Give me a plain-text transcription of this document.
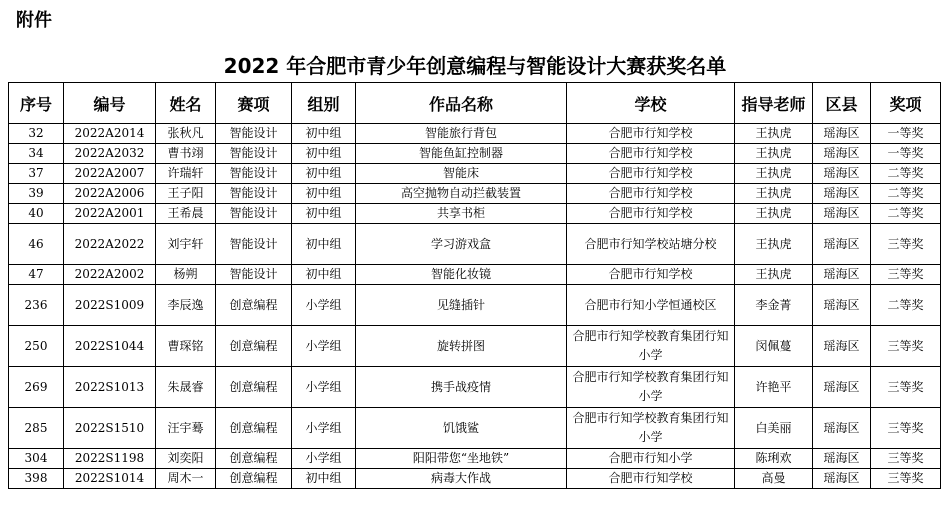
附件
2022 年合肥市青少年创意编程与智能设计大赛获奖名单
序号	编号	姓名	赛项	组别	作品名称	学校	指导老师	区县	奖项
32	2022A2014	张秋凡	智能设计	初中组	智能旅行背包	合肥市行知学校	王执虎	瑶海区	一等奖
34	2022A2032	曹书翊	智能设计	初中组	智能鱼缸控制器	合肥市行知学校	王执虎	瑶海区	一等奖
37	2022A2007	许瑞轩	智能设计	初中组	智能床	合肥市行知学校	王执虎	瑶海区	二等奖
39	2022A2006	王子阳	智能设计	初中组	高空抛物自动拦截装置	合肥市行知学校	王执虎	瑶海区	二等奖
40	2022A2001	王希晨	智能设计	初中组	共享书柜	合肥市行知学校	王执虎	瑶海区	二等奖
46	2022A2022	刘宇轩	智能设计	初中组	学习游戏盒	合肥市行知学校站塘分校	王执虎	瑶海区	三等奖
47	2022A2002	杨朔	智能设计	初中组	智能化妆镜	合肥市行知学校	王执虎	瑶海区	三等奖
236	2022S1009	李辰逸	创意编程	小学组	见缝插针	合肥市行知小学恒通校区	李金菁	瑶海区	二等奖
250	2022S1044	曹琛铭	创意编程	小学组	旋转拼图	合肥市行知学校教育集团行知小学	闵佩蔓	瑶海区	三等奖
269	2022S1013	朱晟睿	创意编程	小学组	携手战疫情	合肥市行知学校教育集团行知小学	许艳平	瑶海区	三等奖
285	2022S1510	汪宇蓦	创意编程	小学组	饥饿鲨	合肥市行知学校教育集团行知小学	白美丽	瑶海区	三等奖
304	2022S1198	刘奕阳	创意编程	小学组	阳阳带您“坐地铁”	合肥市行知小学	陈琍欢	瑶海区	三等奖
398	2022S1014	周木一	创意编程	初中组	病毒大作战	合肥市行知学校	高曼	瑶海区	三等奖
